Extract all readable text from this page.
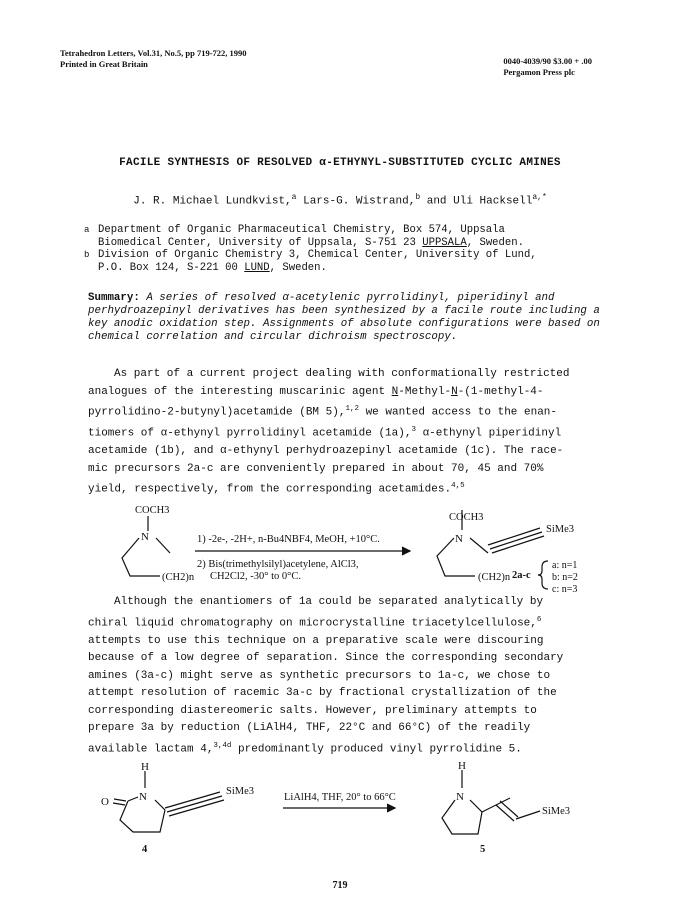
Tetrahedron Letters, Vol.31, No.5, pp 719-722, 1990
Printed in Great Britain	0040-4039/90 $3.00 + .00
Pergamon Press plc
FACILE SYNTHESIS OF RESOLVED α-ETHYNYL-SUBSTITUTED CYCLIC AMINES
J. R. Michael Lundkvist,$^a$ Lars-G. Wistrand,$^b$ and Uli Hacksell$^{a,*}$
a Department of Organic Pharmaceutical Chemistry, Box 574, Uppsala
Biomedical Center, University of Uppsala, S-751 23 UPPSALA, Sweden.
b Division of Organic Chemistry 3, Chemical Center, University of Lund,
P.O. Box 124, S-221 00 LUND, Sweden.
Summary: A series of resolved α-acetylenic pyrrolidinyl, piperidinyl and perhydroazepinyl derivatives has been synthesized by a facile route including a key anodic oxidation step. Assignments of absolute configurations were based on chemical correlation and circular dichroism spectroscopy.
As part of a current project dealing with conformationally restricted
analogues of the interesting muscarinic agent N-Methyl-N-(1-methyl-4-
pyrrolidino-2-butynyl)acetamide (BM 5),$^{1,2}$ we wanted access to the enan-
tiomers of α-ethynyl pyrrolidinyl acetamide (1a),$^3$ α-ethynyl piperidinyl
acetamide (1b), and α-ethynyl perhydroazepinyl acetamide (1c). The race-
mic precursors 2a-c are conveniently prepared in about 70, 45 and 70%
yield, respectively, from the corresponding acetamides.$^{4,5}$
COCH3
N
(CH2)n
1) -2e-, -2H+, n-Bu4NBF4, MeOH, +10°C.
2) Bis(trimethylsilyl)acetylene, AlCl3,
CH2Cl2, -30° to 0°C.
COCH3
N
SiMe3
(CH2)n 2a-c
a: n=1
b: n=2
c: n=3
Although the enantiomers of 1a could be separated analytically by
chiral liquid chromatography on microcrystalline triacetylcellulose,$^6$
attempts to use this technique on a preparative scale were discouring
because of a low degree of separation. Since the corresponding secondary
amines (3a-c) might serve as synthetic precursors to 1a-c, we chose to
attempt resolution of racemic 3a-c by fractional crystallization of the
corresponding diastereomeric salts. However, preliminary attempts to
prepare 3a by reduction (LiAlH4, THF, 22°C and 66°C) of the readily
available lactam 4,$^{3,4d}$ predominantly produced vinyl pyrrolidine 5.
H
N
O
SiMe3
4
LiAlH4, THF, 20° to 66°C
H
N
SiMe3
5
719
